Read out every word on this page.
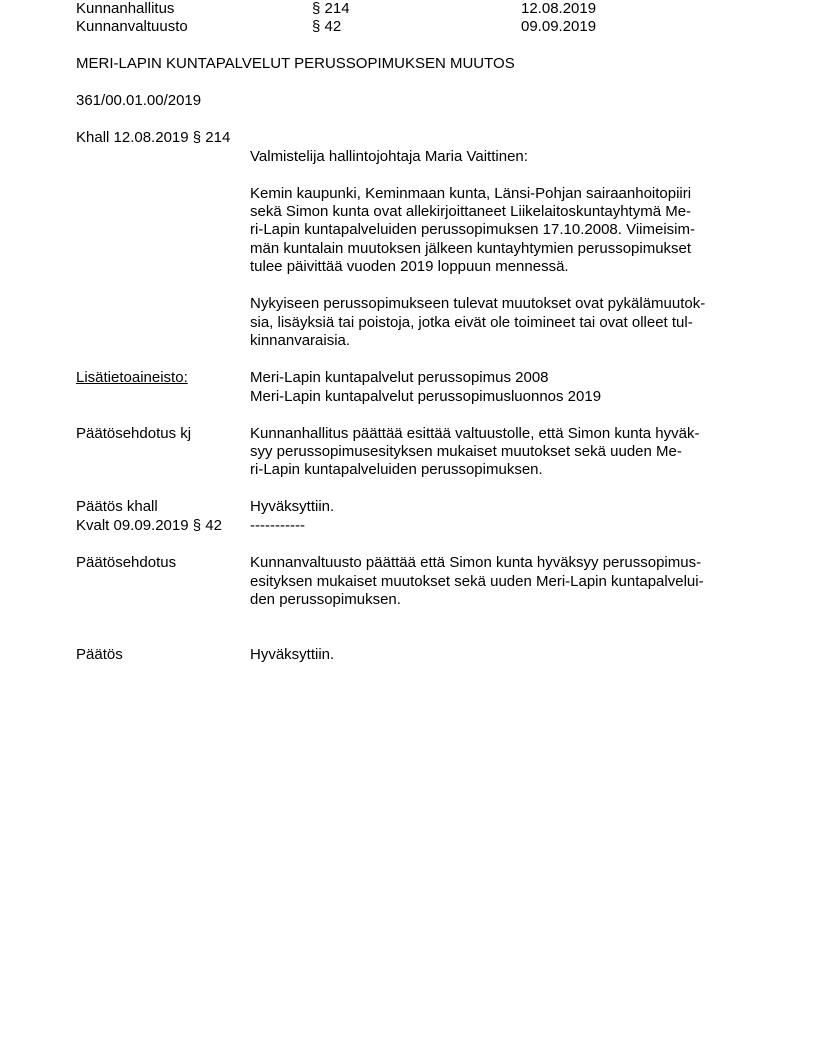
Kunnanhallitus	§ 214	12.08.2019
Kunnanvaltuusto	§ 42	09.09.2019
MERI-LAPIN KUNTAPALVELUT PERUSSOPIMUKSEN MUUTOS
361/00.01.00/2019
Khall 12.08.2019 § 214
Valmistelija hallintojohtaja Maria Vaittinen:
Kemin kaupunki, Keminmaan kunta, Länsi-Pohjan sairaanhoitopiiri
sekä Simon kunta ovat allekirjoittaneet Liikelaitoskuntayhtymä Me-
ri-Lapin kuntapalveluiden perussopimuksen 17.10.2008. Viimeisim-
män kuntalain muutoksen jälkeen kuntayhtymien perussopimukset
tulee päivittää vuoden 2019 loppuun mennessä.
Nykyiseen perussopimukseen tulevat muutokset ovat pykälämuutok-
sia, lisäyksiä tai poistoja, jotka eivät ole toimineet tai ovat olleet tul-
kinnanvaraisia.
Lisätietoaineisto:	Meri-Lapin kuntapalvelut perussopimus 2008
Meri-Lapin kuntapalvelut perussopimusluonnos 2019
Päätösehdotus kj	Kunnanhallitus päättää esittää valtuustolle, että Simon kunta hyväk-
syy perussopimusesityksen mukaiset muutokset sekä uuden Me-
ri-Lapin kuntapalveluiden perussopimuksen.
Päätös khall	Hyväksyttiin.
Kvalt 09.09.2019 § 42 -----------
Päätösehdotus	Kunnanvaltuusto päättää että Simon kunta hyväksyy perussopimus-
esityksen mukaiset muutokset sekä uuden Meri-Lapin kuntapalvelui-
den perussopimuksen.
Päätös	Hyväksyttiin.
